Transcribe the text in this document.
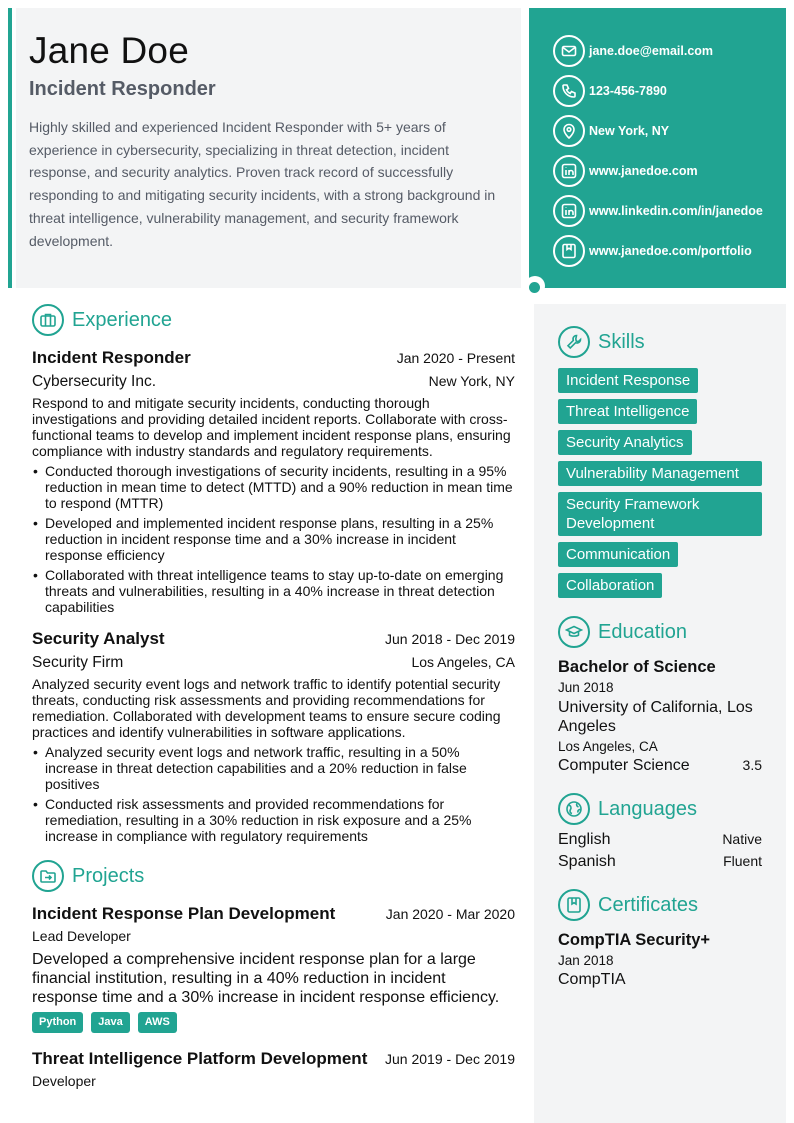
Jane Doe
Incident Responder

Highly skilled and experienced Incident Responder with 5+ years of experience in cybersecurity, specializing in threat detection, incident response, and security analytics. Proven track record of successfully responding to and mitigating security incidents, with a strong background in threat intelligence, vulnerability management, and security framework development.

jane.doe@email.com
123-456-7890
New York, NY
www.janedoe.com
www.linkedin.com/in/janedoe
www.janedoe.com/portfolio
Experience
Incident Responder	Jan 2020 - Present
Cybersecurity Inc.	New York, NY

Respond to and mitigate security incidents, conducting thorough investigations and providing detailed incident reports. Collaborate with cross-functional teams to develop and implement incident response plans, ensuring compliance with industry standards and regulatory requirements.

• Conducted thorough investigations of security incidents, resulting in a 95% reduction in mean time to detect (MTTD) and a 90% reduction in mean time to respond (MTTR)
• Developed and implemented incident response plans, resulting in a 25% reduction in incident response time and a 30% increase in incident response efficiency
• Collaborated with threat intelligence teams to stay up-to-date on emerging threats and vulnerabilities, resulting in a 40% increase in threat detection capabilities
Security Analyst	Jun 2018 - Dec 2019
Security Firm	Los Angeles, CA

Analyzed security event logs and network traffic to identify potential security threats, conducting risk assessments and providing recommendations for remediation. Collaborated with development teams to ensure secure coding practices and identify vulnerabilities in software applications.

• Analyzed security event logs and network traffic, resulting in a 50% increase in threat detection capabilities and a 20% reduction in false positives
• Conducted risk assessments and provided recommendations for remediation, resulting in a 30% reduction in risk exposure and a 25% increase in compliance with regulatory requirements
Projects
Incident Response Plan Development	Jan 2020 - Mar 2020
Lead Developer

Developed a comprehensive incident response plan for a large financial institution, resulting in a 40% reduction in incident response time and a 30% increase in incident response efficiency.

Python	Java	AWS
Threat Intelligence Platform Development Jun 2019 - Dec 2019
Developer
Skills
Incident Response
Threat Intelligence
Security Analytics
Vulnerability Management
Security Framework Development
Communication
Collaboration
Education
Bachelor of Science
Jun 2018
University of California, Los Angeles
Los Angeles, CA
Computer Science	3.5
Languages
English	Native
Spanish	Fluent
Certificates
CompTIA Security+
Jan 2018
CompTIA
